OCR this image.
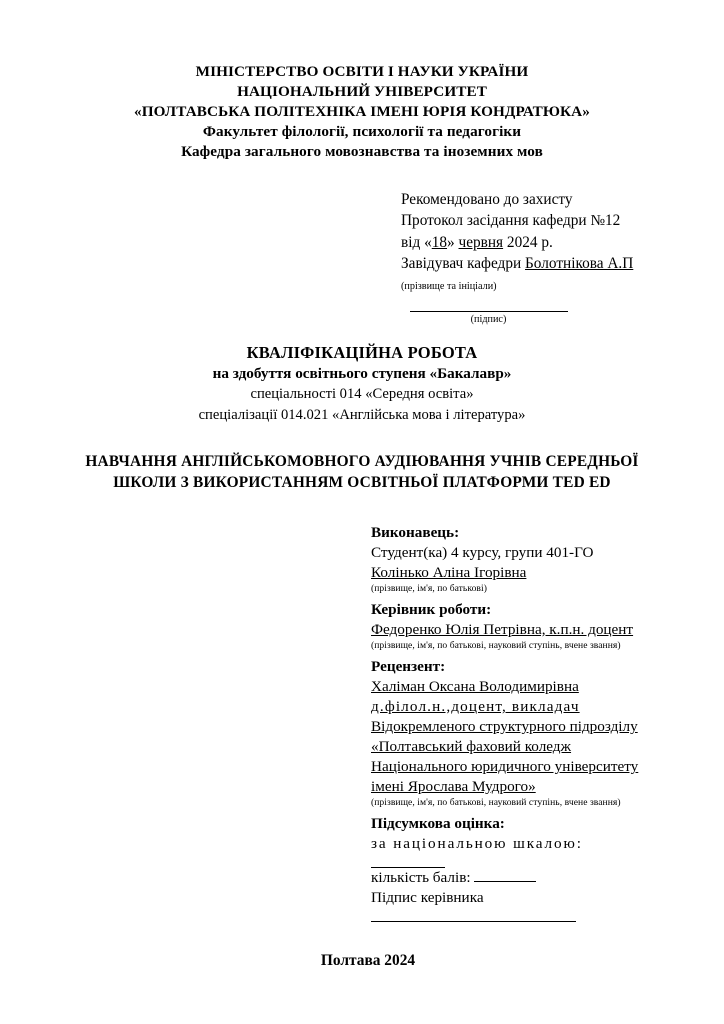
МІНІСТЕРСТВО ОСВІТИ І НАУКИ УКРАЇНИ
НАЦІОНАЛЬНИЙ УНІВЕРСИТЕТ
«ПОЛТАВСЬКА ПОЛІТЕХНІКА ІМЕНІ ЮРІЯ КОНДРАТЮКА»
Факультет філології, психології та педагогіки
Кафедра загального мовознавства та іноземних мов
Рекомендовано до захисту
Протокол засідання кафедри №12
від «18» червня 2024 р.
Завідувач кафедри Болотнікова А.П
(прізвище та ініціали)
(підпис)
КВАЛІФІКАЦІЙНА РОБОТА
на здобуття освітнього ступеня «Бакалавр»
спеціальності 014 «Середня освіта»
спеціалізації 014.021 «Англійська мова і література»
НАВЧАННЯ АНГЛІЙСЬКОМОВНОГО АУДІЮВАННЯ УЧНІВ СЕРЕДНЬОЇ ШКОЛИ З ВИКОРИСТАННЯМ ОСВІТНЬОЇ ПЛАТФОРМИ TED ED
Виконавець:
Студент(ка) 4 курсу, групи 401-ГО
Колінько Аліна Ігорівна
(прізвище, ім'я, по батькові)
Керівник роботи:
Федоренко Юлія Петрівна, к.п.н. доцент
(прізвище, ім'я, по батькові, науковий ступінь, вчене звання)
Рецензент:
Халіман Оксана Володимирівна
д.філол.н.,доцент, викладач
Відокремленого структурного підрозділу
«Полтавський фаховий коледж
Національного юридичного університету
імені Ярослава Мудрого»
(прізвище, ім'я, по батькові, науковий ступінь, вчене звання)
Підсумкова оцінка:
за національною шкалою:
кількість балів:
Підпис керівника
Полтава 2024
